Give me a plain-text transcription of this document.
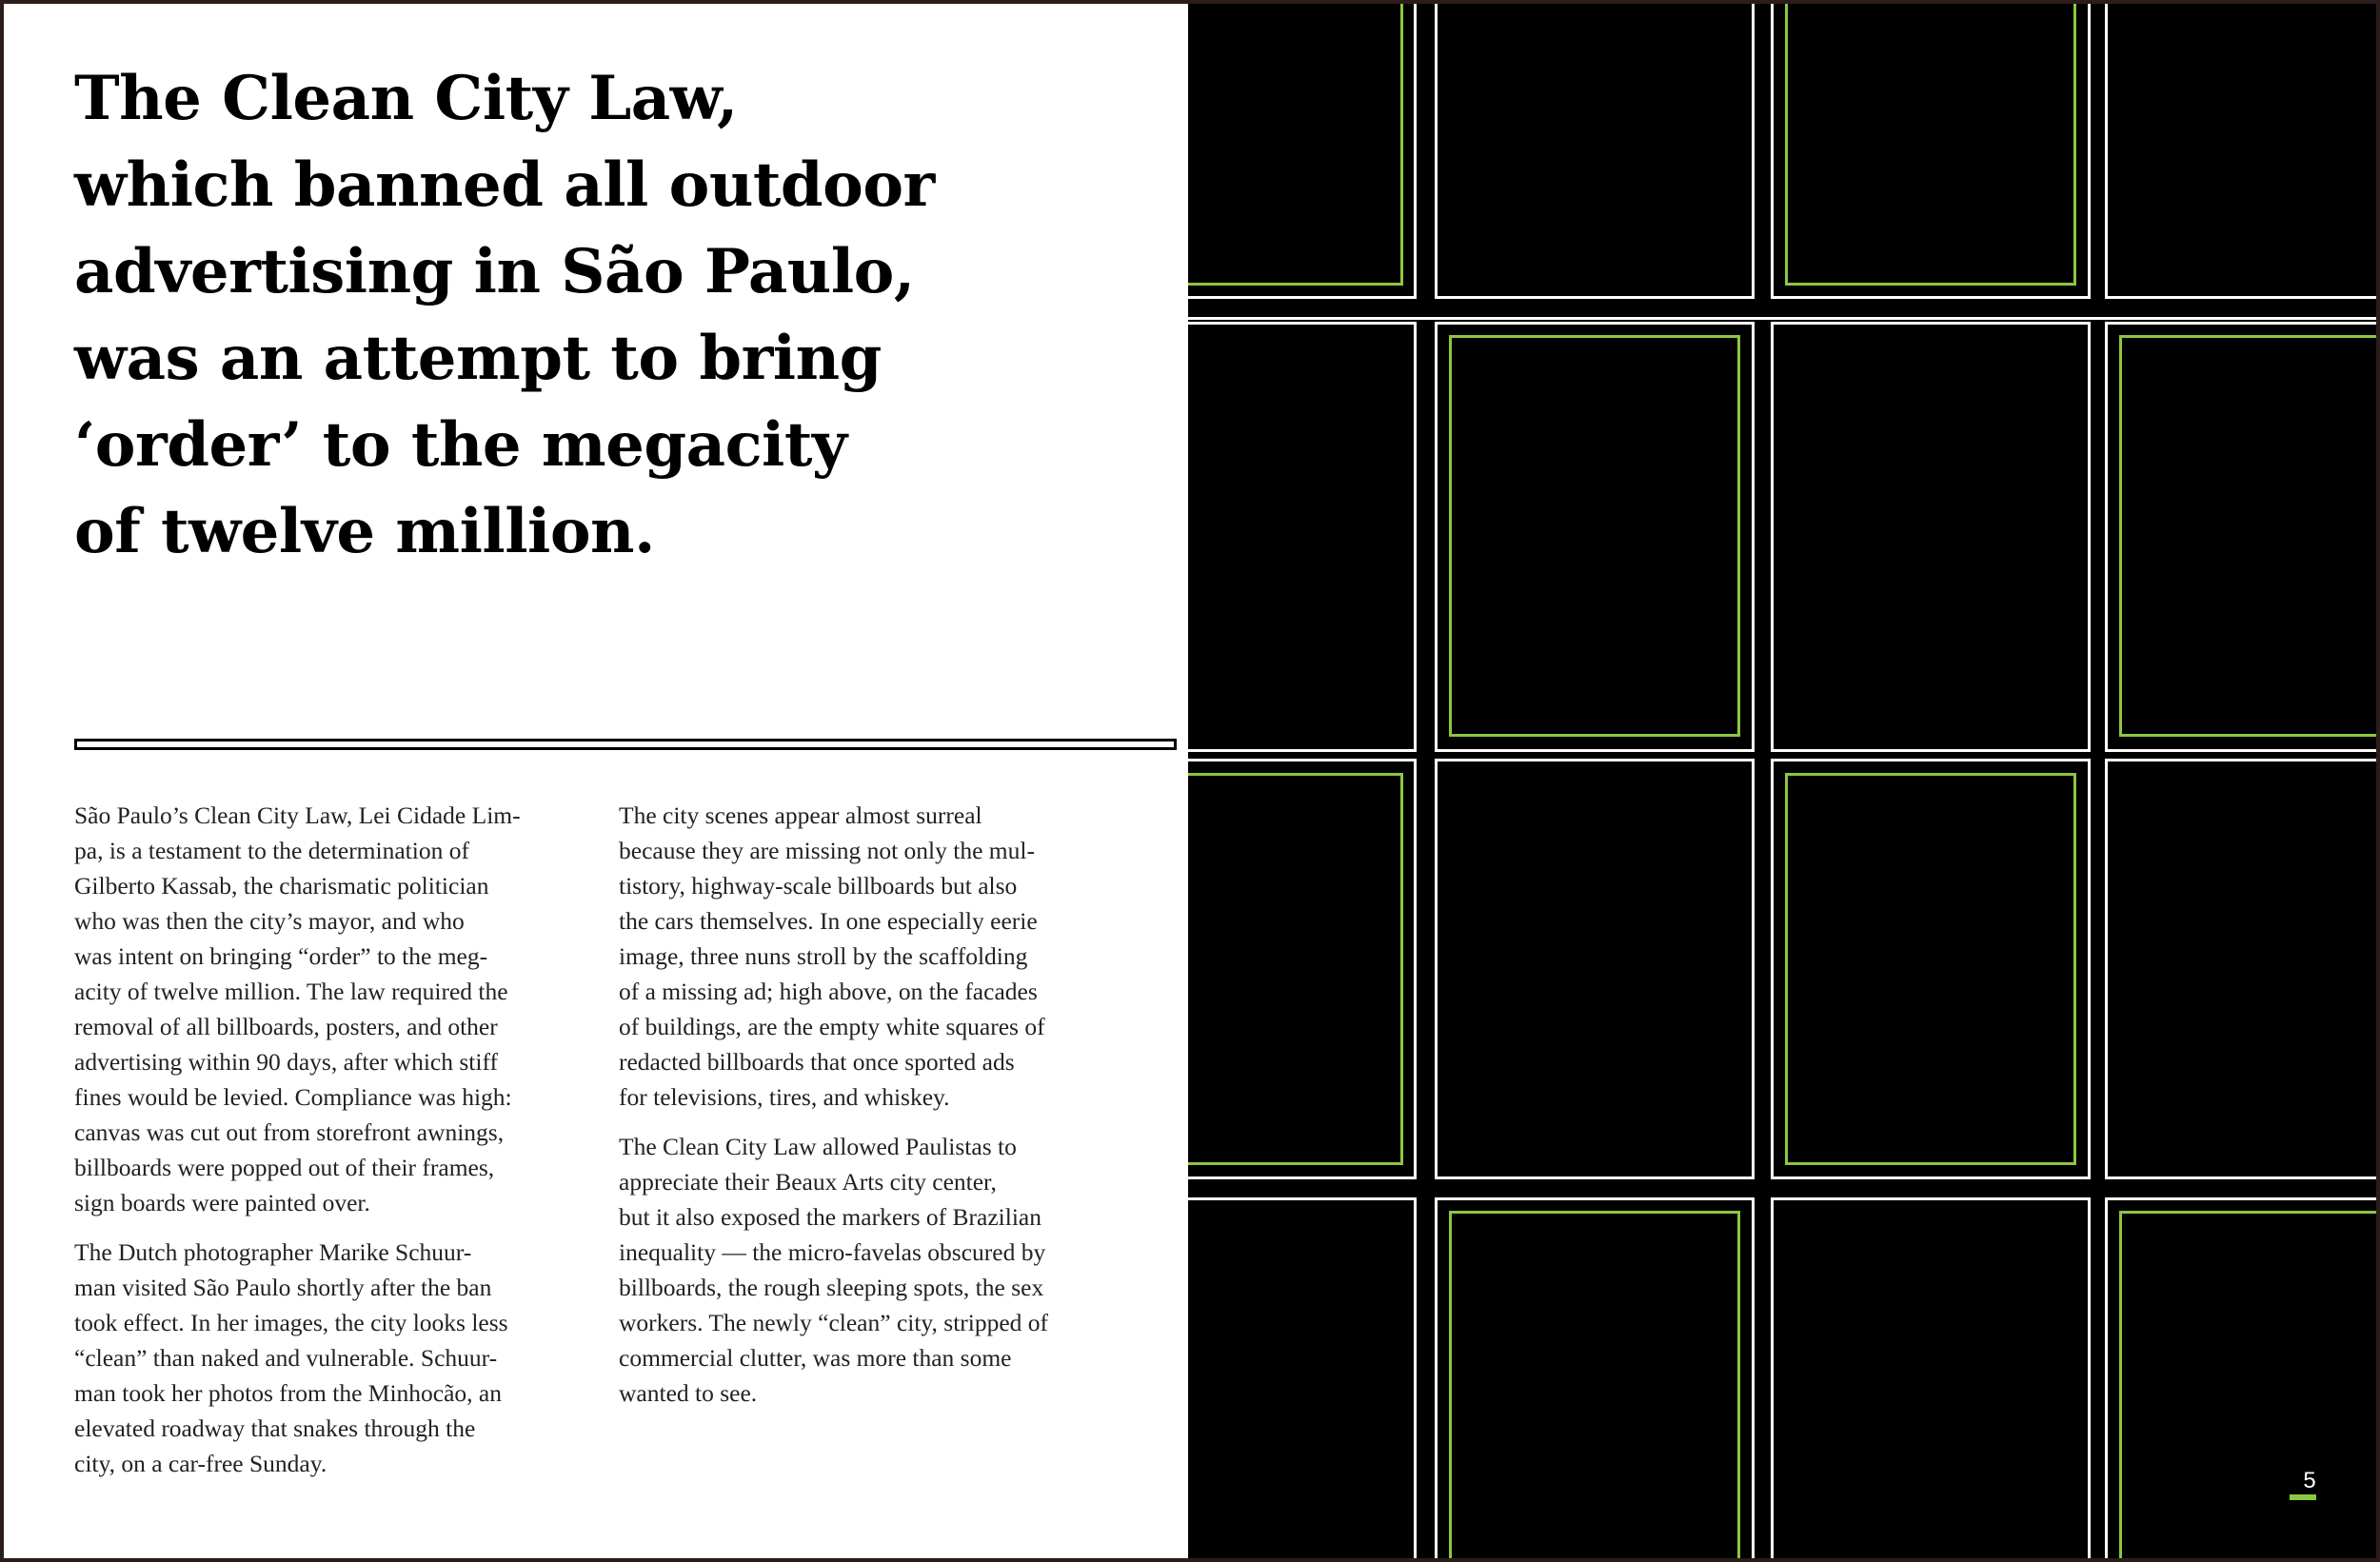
The Clean City Law,
which banned all outdoor
advertising in São Paulo,
was an attempt to bring
‘order’ to the megacity
of twelve million.

São Paulo’s Clean City Law, Lei Cidade Lim-
pa, is a testament to the determination of
Gilberto Kassab, the charismatic politician
who was then the city’s mayor, and who
was intent on bringing “order” to the meg-
acity of twelve million. The law required the
removal of all billboards, posters, and other
advertising within 90 days, after which stiff
fines would be levied. Compliance was high:
canvas was cut out from storefront awnings,
billboards were popped out of their frames,
sign boards were painted over.

The Dutch photographer Marike Schuur-
man visited São Paulo shortly after the ban
took effect. In her images, the city looks less
“clean” than naked and vulnerable. Schuur-
man took her photos from the Minhocão, an
elevated roadway that snakes through the
city, on a car-free Sunday.

The city scenes appear almost surreal
because they are missing not only the mul-
tistory, highway-scale billboards but also
the cars themselves. In one especially eerie
image, three nuns stroll by the scaffolding
of a missing ad; high above, on the facades
of buildings, are the empty white squares of
redacted billboards that once sported ads
for televisions, tires, and whiskey.

The Clean City Law allowed Paulistas to
appreciate their Beaux Arts city center,
but it also exposed the markers of Brazilian
inequality — the micro-favelas obscured by
billboards, the rough sleeping spots, the sex
workers. The newly “clean” city, stripped of
commercial clutter, was more than some
wanted to see.

5
